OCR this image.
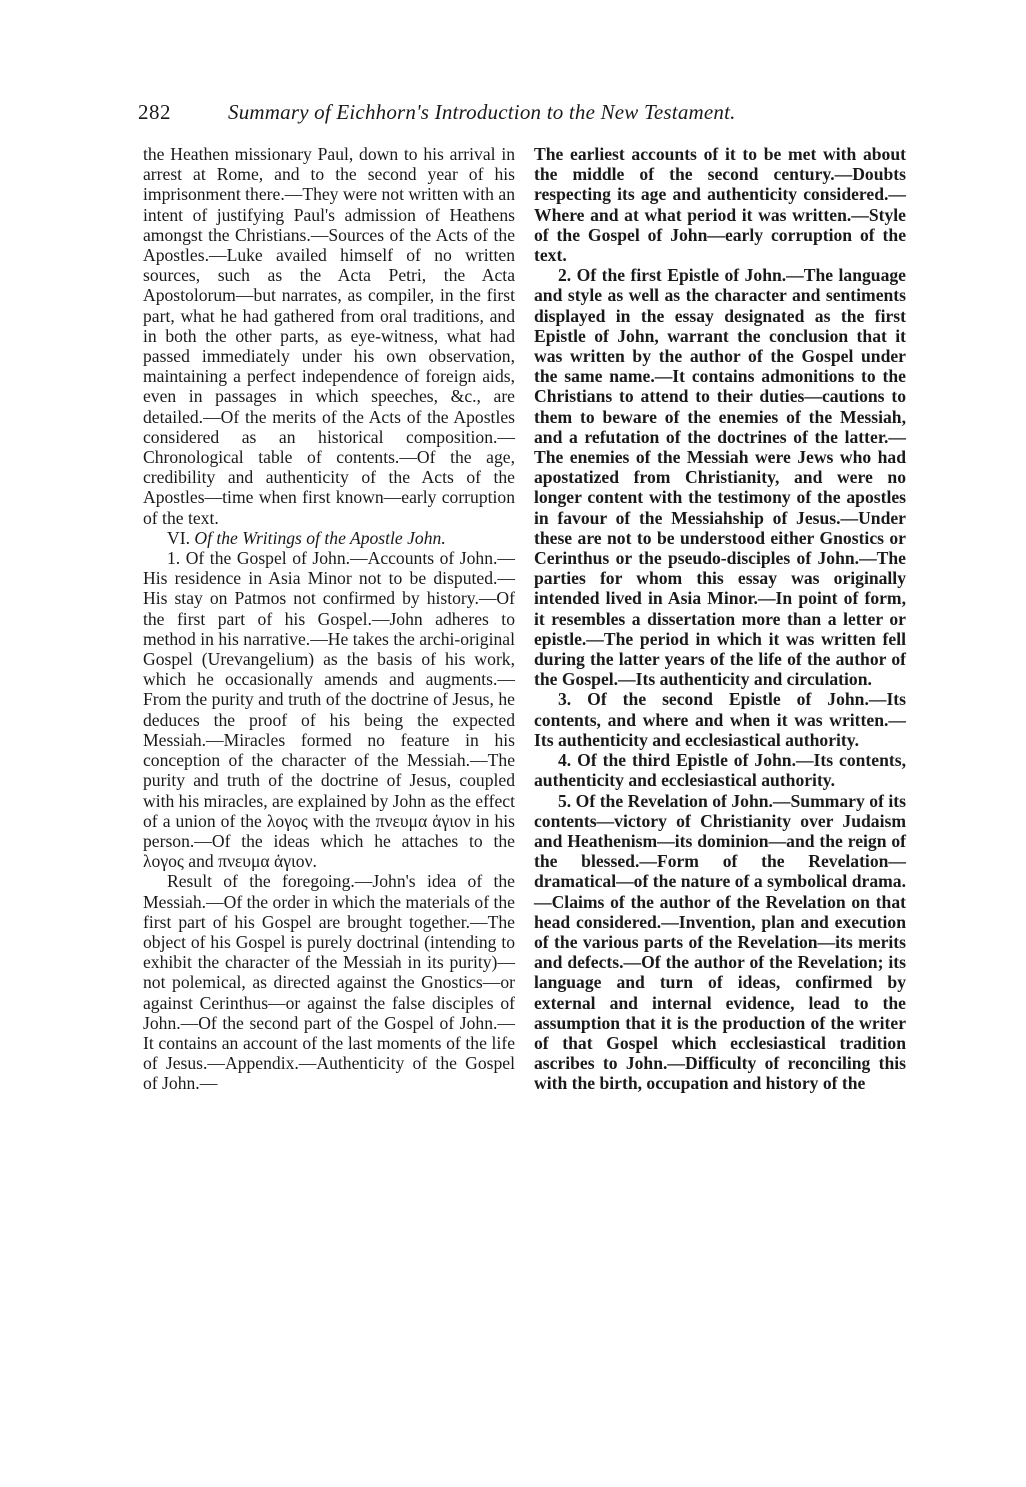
282	Summary of Eichhorn's Introduction to the New Testament.

the Heathen missionary Paul, down to his arrival in arrest at Rome, and to the second year of his imprisonment there.—They were not written with an intent of justifying Paul's admission of Heathens amongst the Christians.—Sources of the Acts of the Apostles.—Luke availed himself of no written sources, such as the Acta Petri, the Acta Apostolorum—but narrates, as compiler, in the first part, what he had gathered from oral traditions, and in both the other parts, as eye-witness, what had passed immediately under his own observation, maintaining a perfect independence of foreign aids, even in passages in which speeches, &c., are detailed.—Of the merits of the Acts of the Apostles considered as an historical composition.—Chronological table of contents.—Of the age, credibility and authenticity of the Acts of the Apostles—time when first known—early corruption of the text.

VI. Of the Writings of the Apostle John.

1. Of the Gospel of John.—Accounts of John.—His residence in Asia Minor not to be disputed.—His stay on Patmos not confirmed by history.—Of the first part of his Gospel.—John adheres to method in his narrative.—He takes the archi-original Gospel (Urevangelium) as the basis of his work, which he occasionally amends and augments.—From the purity and truth of the doctrine of Jesus, he deduces the proof of his being the expected Messiah.—Miracles formed no feature in his conception of the character of the Messiah.—The purity and truth of the doctrine of Jesus, coupled with his miracles, are explained by John as the effect of a union of the λογος with the πνευμα ἁγιον in his person.—Of the ideas which he attaches to the λογος and πνευμα ἁγιον.

Result of the foregoing.—John's idea of the Messiah.—Of the order in which the materials of the first part of his Gospel are brought together.—The object of his Gospel is purely doctrinal (intending to exhibit the character of the Messiah in its purity)—not polemical, as directed against the Gnostics—or against Cerinthus—or against the false disciples of John.—Of the second part of the Gospel of John.—It contains an account of the last moments of the life of Jesus.—Appendix.—Authenticity of the Gospel of John.—

The earliest accounts of it to be met with about the middle of the second century.—Doubts respecting its age and authenticity considered.—Where and at what period it was written.—Style of the Gospel of John—early corruption of the text.

2. Of the first Epistle of John.—The language and style as well as the character and sentiments displayed in the essay designated as the first Epistle of John, warrant the conclusion that it was written by the author of the Gospel under the same name.—It contains admonitions to the Christians to attend to their duties—cautions to them to beware of the enemies of the Messiah, and a refutation of the doctrines of the latter.—The enemies of the Messiah were Jews who had apostatized from Christianity, and were no longer content with the testimony of the apostles in favour of the Messiahship of Jesus.—Under these are not to be understood either Gnostics or Cerinthus or the pseudo-disciples of John.—The parties for whom this essay was originally intended lived in Asia Minor.—In point of form, it resembles a dissertation more than a letter or epistle.—The period in which it was written fell during the latter years of the life of the author of the Gospel.—Its authenticity and circulation.

3. Of the second Epistle of John.—Its contents, and where and when it was written.—Its authenticity and ecclesiastical authority.

4. Of the third Epistle of John.—Its contents, authenticity and ecclesiastical authority.

5. Of the Revelation of John.—Summary of its contents—victory of Christianity over Judaism and Heathenism—its dominion—and the reign of the blessed.—Form of the Revelation—dramatical—of the nature of a symbolical drama.—Claims of the author of the Revelation on that head considered.—Invention, plan and execution of the various parts of the Revelation—its merits and defects.—Of the author of the Revelation; its language and turn of ideas, confirmed by external and internal evidence, lead to the assumption that it is the production of the writer of that Gospel which ecclesiastical tradition ascribes to John.—Difficulty of reconciling this with the birth, occupation and history of the
